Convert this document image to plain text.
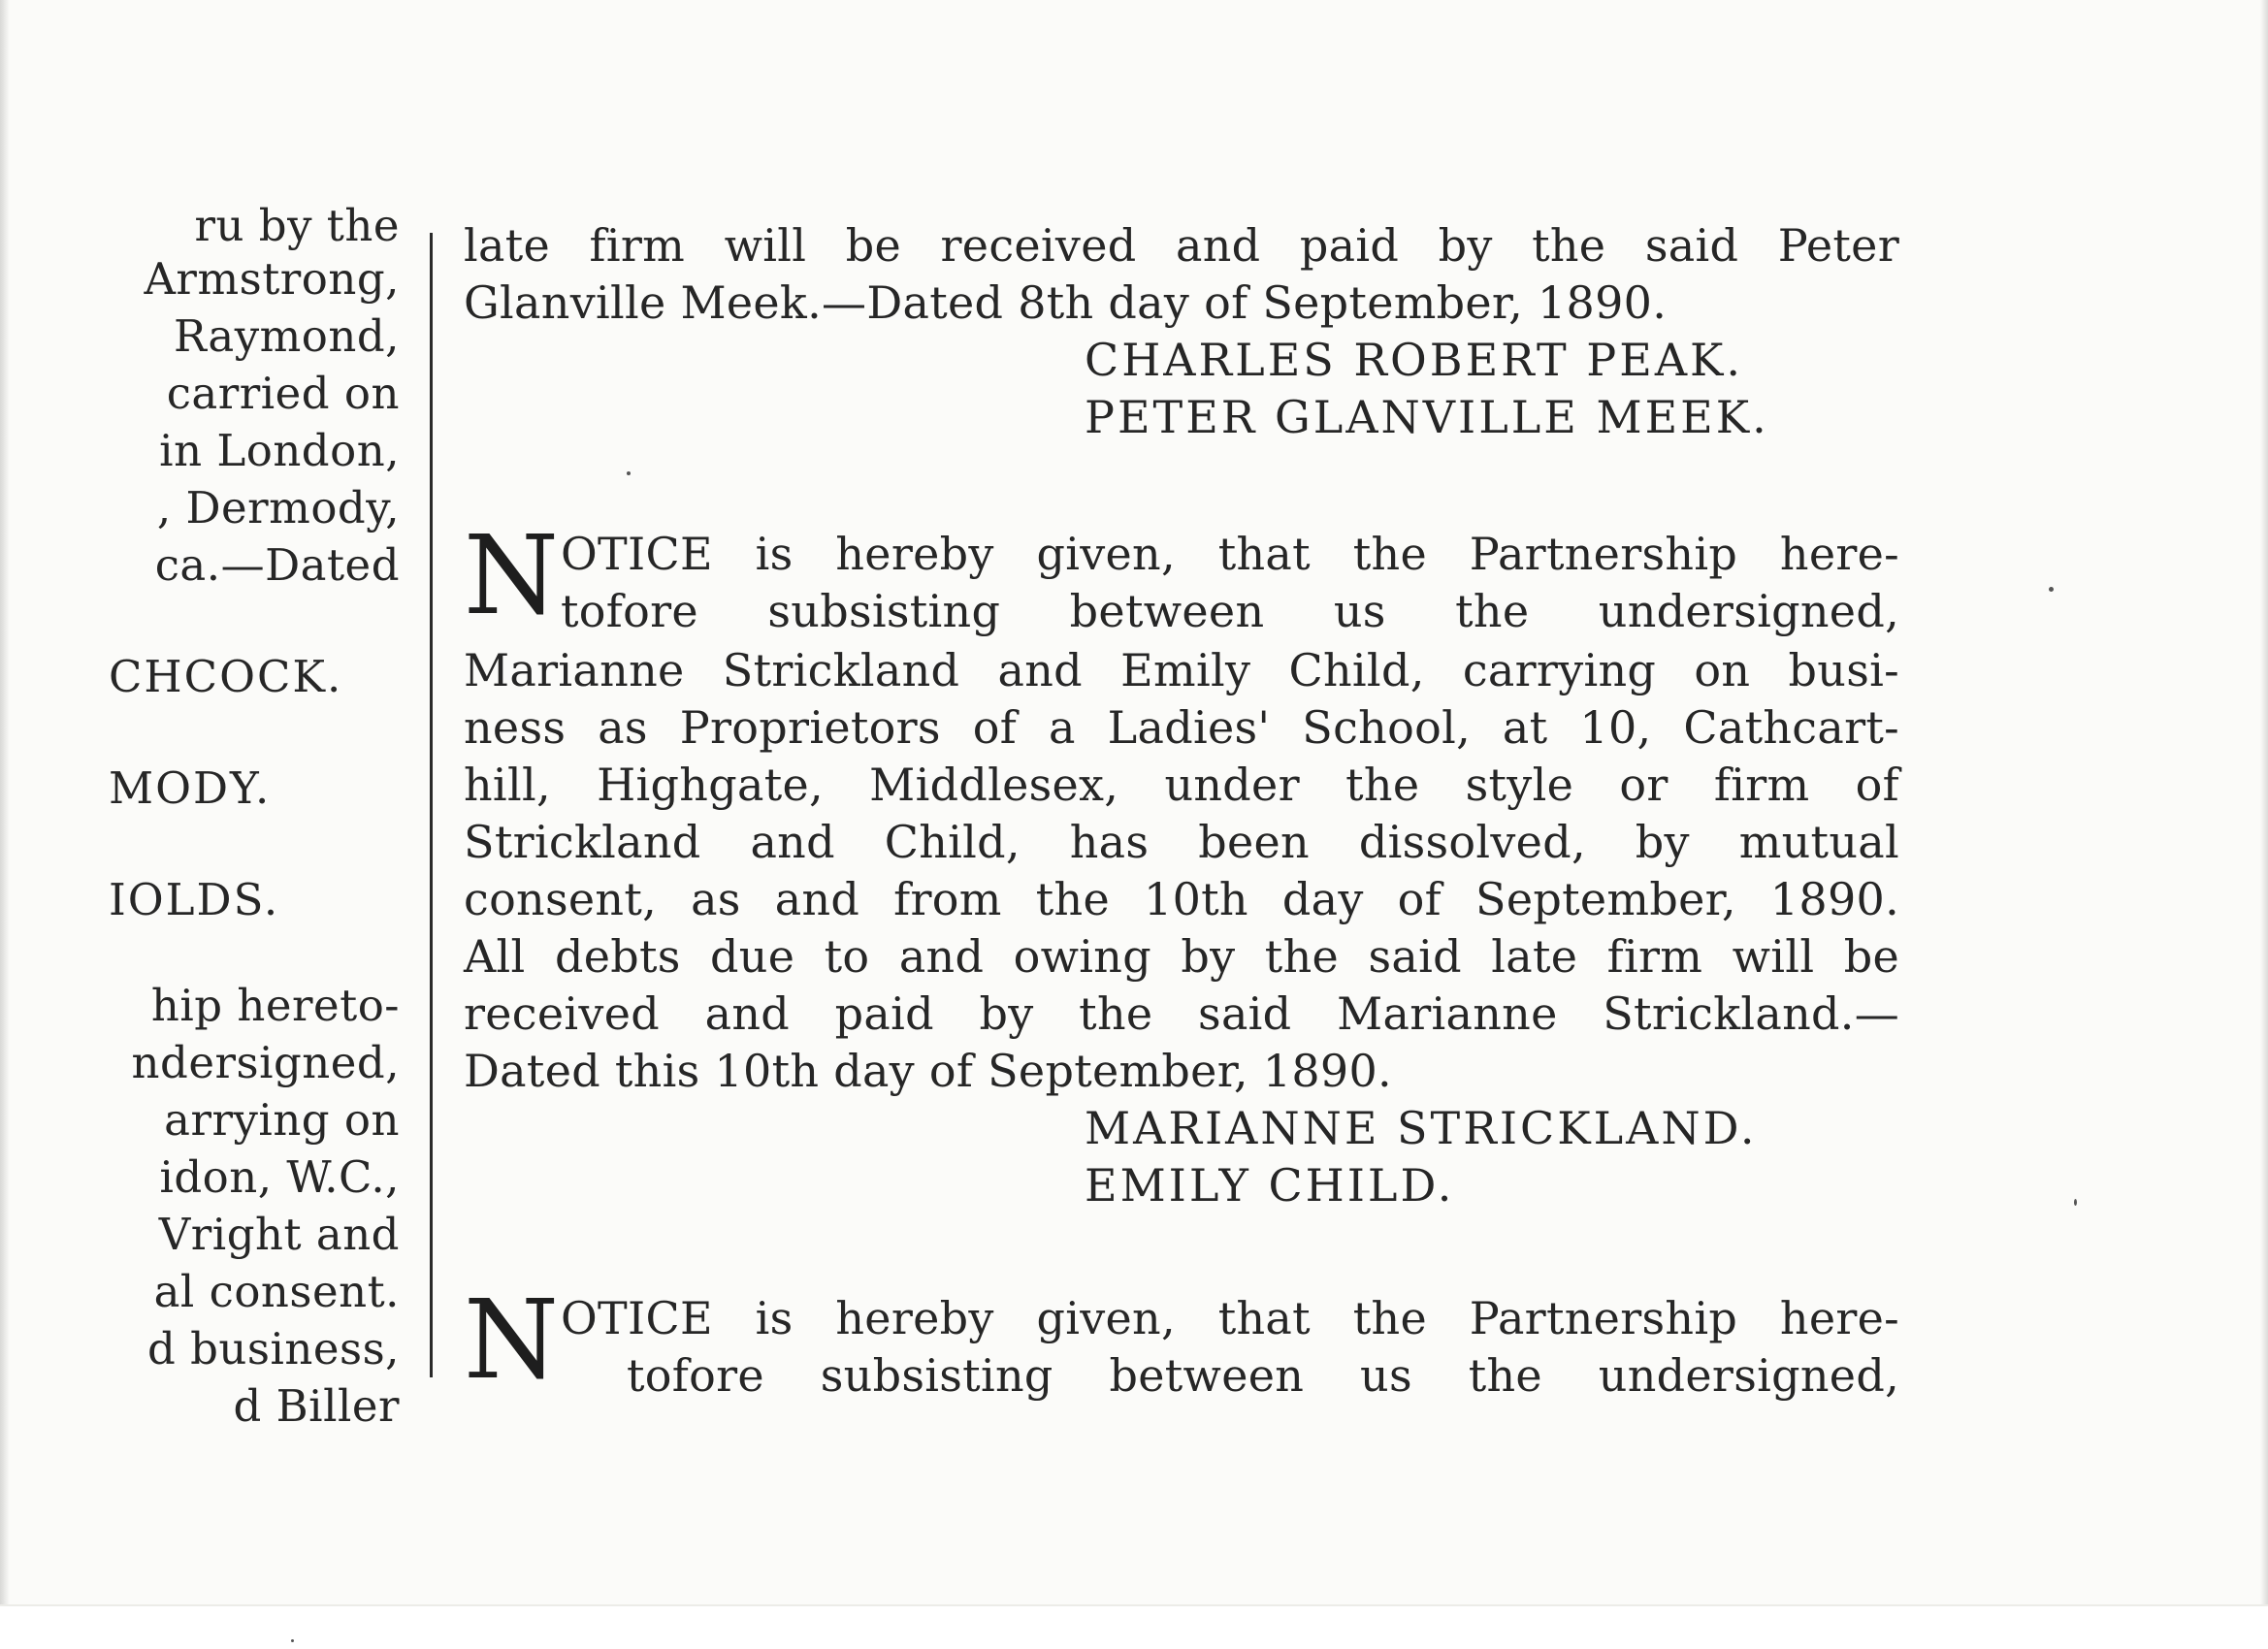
ru by the
Armstrong,
Raymond,
carried on
in London,
, Dermody,
ca.—Dated
CHCOCK.
MODY.
IOLDS.
hip hereto-
ndersigned,
arrying on
idon, W.C.,
Vright and
al consent.
d business,
d Biller
late firm will be received and paid by the said Peter
Glanville Meek.—Dated 8th day of September, 1890.
CHARLES ROBERT PEAK.
PETER GLANVILLE MEEK.
N OTICE is hereby given, that the Partnership here-
tofore subsisting between us the undersigned,
Marianne Strickland and Emily Child, carrying on busi-
ness as Proprietors of a Ladies' School, at 10, Cathcart-
hill, Highgate, Middlesex, under the style or firm of
Strickland and Child, has been dissolved, by mutual
consent, as and from the 10th day of September, 1890.
All debts due to and owing by the said late firm will be
received and paid by the said Marianne Strickland.—
Dated this 10th day of September, 1890.
MARIANNE STRICKLAND.
EMILY CHILD.
N OTICE is hereby given, that the Partnership here-
tofore subsisting between us the undersigned,
